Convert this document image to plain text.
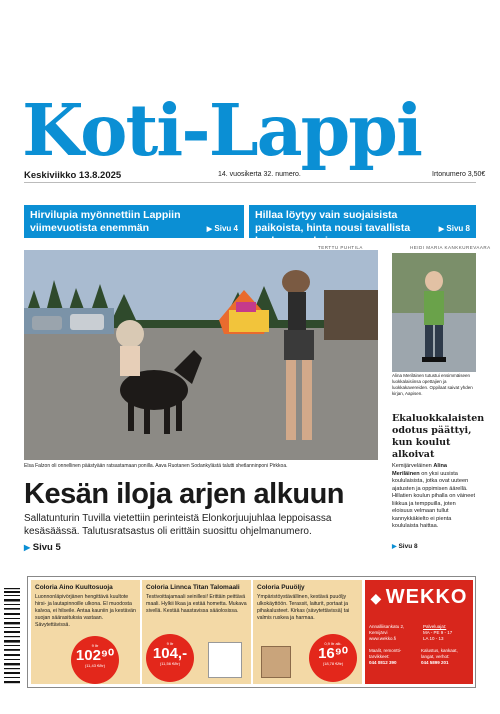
Koti-Lappi
Keskiviikko 13.8.2025	14. vuosikerta 32. numero.	Irtonumero 3,50€
Hirvilupia myönnettiin Lappiin viimevuotista enemmän	▶ Sivu 4
Hillaa löytyy vain suojaisista paikoista, hinta nousi tavallista korkeammaksi
▶ Sivu 8
TERTTU PUHTILA
Elsa Falzon oli onnellinen päästyään ratsastamaan ponilla. Aava Ruotanen Sodankylästä talutti shetlanninponi Pirkkoa.
Kesän iloja arjen alkuun
Sallatunturin Tuvilla vietettiin perinteistä Elonkorjuujuhlaa leppoisassa kesäsäässä. Talutusratsastus oli erittäin suosittu ohjelmanumero.
▶ Sivu 5
HEIDI MARIA KANKKUREVAARA
Alina Meriläinen tutustui ensimmäiseen luokkalaisiinsa opettajien ja luokkakavereiden. Oppilaat saivat yhden kirjan, Aapisen.
Ekaluokkalaisten odotus päättyi, kun koulut alkoivat
Kemijärveläinen Alina Meriläinen on yksi uusista koululaisista, jotka ovat uuteen ajatusten ja oppimisen äärellä. Hillatien koulun pihalla on väineet liikkua ja temppuilla, joten eloisuus velmaan tullut kannykkäkielto ei pienta koululaista haittaa.
▶ Sivu 8
Coloria Aino Kuultosuoja
Luonnonläpivörjänen hengittävä kuultote hirsi- ja lautapinnoille ulkona. El muodosta kalvoa, ei hilseile. Antaa kauniin ja kestävän suojan säärasituksia vastaan. Sävytettävissä.
9 ltr
102⁹⁰
(11,43 €/ltr)
Coloria Linnca Titan Talomaali
Testivoittajamaali seinillesi! Erittäin peittävä maali. Hylkii likaa ja estää hometta. Mukava sivellä. Kestää haastavissa sääolosissa.
9 ltr
104,-
(11,56 €/ltr)
Coloria Puuöljy
Ympäristöystävällinen, kestävä puuöljy ulkokäyttöön. Terassit, laiturit, portaat ja pihakalusteet. Kirkas (sävytettävissä) tai valmis ruskea ja harmaa.
0,9 ltr alk.
16⁹⁰
(18,78 €/ltr)
◆ WEKKO
Annalliisankatu 2, Kemijärvi
www.wekko.fi
Palveluajat:
MA - PE 9 - 17
LA 10 - 13
Maalit, remontti-tarvikkeet:
044 0812 390
Kalustus, kankaat, langat, verhot:
044 5899 201
